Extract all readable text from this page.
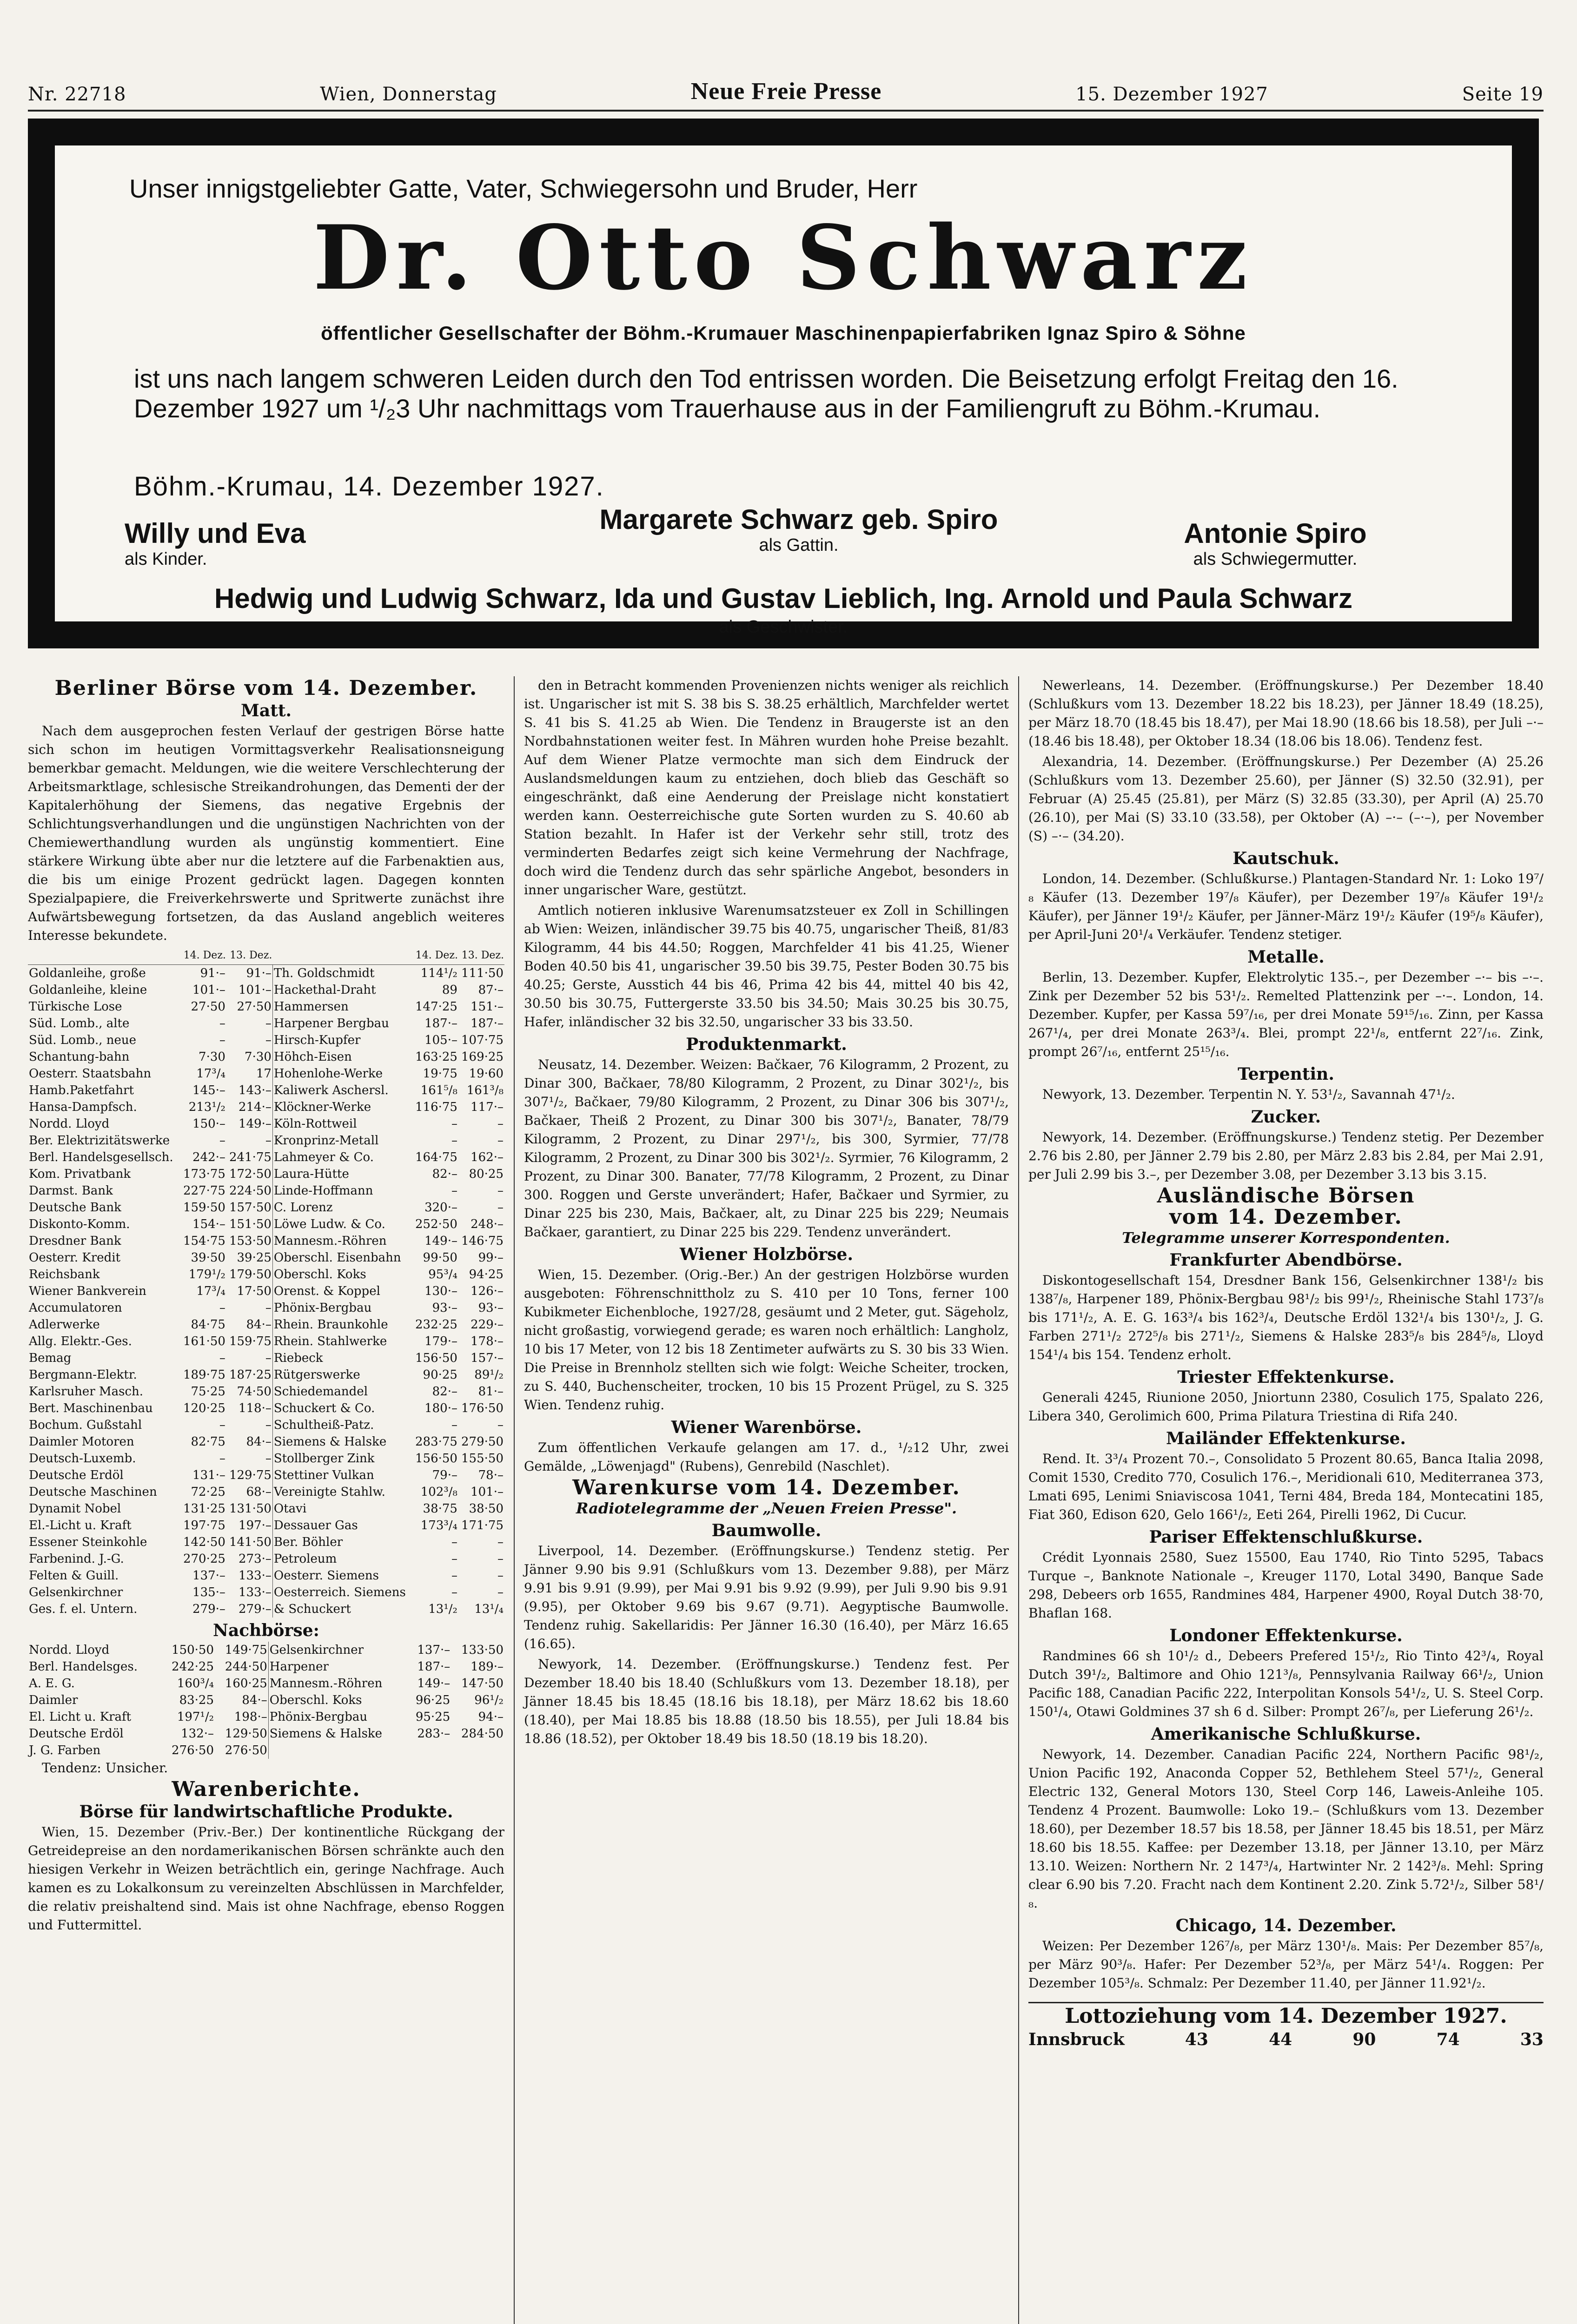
Nr. 22718	Wien, Donnerstag	Neue Freie Presse	15. Dezember 1927	Seite 19
Unser innigstgeliebter Gatte, Vater, Schwiegersohn und Bruder, Herr
Dr. Otto Schwarz
öffentlicher Gesellschafter der Böhm.-Krumauer Maschinenpapierfabriken Ignaz Spiro & Söhne
ist uns nach langem schweren Leiden durch den Tod entrissen worden. Die Beisetzung erfolgt Freitag den 16. Dezember 1927 um ¹/₂3 Uhr nachmittags vom Trauerhause aus in der Familiengruft zu Böhm.-Krumau.
Böhm.-Krumau, 14. Dezember 1927.
Willy und Eva
als Kinder.
Margarete Schwarz geb. Spiro
als Gattin.	Antonie Spiro
als Schwiegermutter.
Hedwig und Ludwig Schwarz, Ida und Gustav Lieblich, Ing. Arnold und Paula Schwarz
als Geschwister.
Berliner Börse vom 14. Dezember.
Matt.

Nach dem ausgeprochen festen Verlauf der gestrigen Börse hatte sich schon im heutigen Vormittagsverkehr Realisationsneigung bemerkbar gemacht. Meldungen, wie die weitere Verschlechterung der Arbeitsmarktlage, schlesische Streikandrohungen, das Dementi der der Kapitalerhöhung der Siemens, das negative Ergebnis der Schlichtungsverhandlungen und die ungünstigen Nachrichten von der Chemiewerthandlung wurden als ungünstig kommentiert. Eine stärkere Wirkung übte aber nur die letztere auf die Farbenaktien aus, die bis um einige Prozent gedrückt lagen. Dagegen konnten Spezialpapiere, die Freiverkehrswerte und Spritwerte zunächst ihre Aufwärtsbewegung fortsetzen, da das Ausland angeblich weiteres Interesse bekundete.

	14. Dez.	13. Dez.		14. Dez.	13. Dez.
Goldanleihe, große	91·–	91·–	Th. Goldschmidt	114¹/₂	111·50
Goldanleihe, kleine	101·–	101·–	Hackethal-Draht	89	87·–
Türkische Lose	27·50	27·50	Hammersen	147·25	151·–
Süd. Lomb., alte	–	–	Harpener Bergbau	187·–	187·–
Süd. Lomb., neue	–	–	Hirsch-Kupfer	105·–	107·75
Schantung-bahn	7·30	7·30	Höhch-Eisen	163·25	169·25
Oesterr. Staatsbahn	17³/₄	17	Hohenlohe-Werke	19·75	19·60
Hamb.Paketfahrt	145·–	143·–	Kaliwerk Aschersl.	161⁵/₈	161³/₈
Hansa-Dampfsch.	213¹/₂	214·–	Klöckner-Werke	116·75	117·–
Nordd. Lloyd	150·–	149·–	Köln-Rottweil	–	–
Ber. Elektrizitätswerke	–	–	Kronprinz-Metall	–	–
Berl. Handelsgesellsch.	242·–	241·75	Lahmeyer & Co.	164·75	162·–
Kom. Privatbank	173·75	172·50	Laura-Hütte	82·–	80·25
Darmst. Bank	227·75	224·50	Linde-Hoffmann	–	–
Deutsche Bank	159·50	157·50	C. Lorenz	320·–	–
Diskonto-Komm.	154·–	151·50	Löwe Ludw. & Co.	252·50	248·–
Dresdner Bank	154·75	153·50	Mannesm.-Röhren	149·–	146·75
Oesterr. Kredit	39·50	39·25	Oberschl. Eisenbahn	99·50	99·–
Reichsbank	179¹/₂	179·50	Oberschl. Koks	95³/₄	94·25
Wiener Bankverein	17³/₄	17·50	Orenst. & Koppel	130·–	126·–
Accumulatoren	–	–	Phönix-Bergbau	93·–	93·–
Adlerwerke	84·75	84·–	Rhein. Braunkohle	232·25	229·–
Allg. Elektr.-Ges.	161·50	159·75	Rhein. Stahlwerke	179·–	178·–
Bemag	–	–	Riebeck	156·50	157·–
Bergmann-Elektr.	189·75	187·25	Rütgerswerke	90·25	89¹/₂
Karlsruher Masch.	75·25	74·50	Schiedemandel	82·–	81·–
Bert. Maschinenbau	120·25	118·–	Schuckert & Co.	180·–	176·50
Bochum. Gußstahl	–	–	Schultheiß-Patz.	–	–
Daimler Motoren	82·75	84·–	Siemens & Halske	283·75	279·50
Deutsch-Luxemb.	–	–	Stollberger Zink	156·50	155·50
Deutsche Erdöl	131·–	129·75	Stettiner Vulkan	79·–	78·–
Deutsche Maschinen	72·25	68·–	Vereinigte Stahlw.	102³/₈	101·–
Dynamit Nobel	131·25	131·50	Otavi	38·75	38·50
El.-Licht u. Kraft	197·75	197·–	Dessauer Gas	173³/₄	171·75
Essener Steinkohle	142·50	141·50	Ber. Böhler	–	–
Farbenind. J.-G.	270·25	273·–	Petroleum	–	–
Felten & Guill.	137·–	133·–	Oesterr. Siemens	–	–
Gelsenkirchner	135·–	133·–	Oesterreich. Siemens	–	–
Ges. f. el. Untern.	279·–	279·–	& Schuckert	13¹/₂	13¹/₄
Nachbörse:
Nordd. Lloyd	150·50	149·75	Gelsenkirchner	137·–	133·50
Berl. Handelsges.	242·25	244·50	Harpener	187·–	189·–
A. E. G.	160³/₄	160·25	Mannesm.-Röhren	149·–	147·50
Daimler	83·25	84·–	Oberschl. Koks	96·25	96¹/₂
El. Licht u. Kraft	197¹/₂	198·–	Phönix-Bergbau	95·25	94·–
Deutsche Erdöl	132·–	129·50	Siemens & Halske	283·–	284·50
J. G. Farben	276·50	276·50			

Tendenz: Unsicher.

Warenberichte.
Börse für landwirtschaftliche Produkte.

Wien, 15. Dezember (Priv.-Ber.) Der kontinentliche Rückgang der Getreidepreise an den nordamerikanischen Börsen schränkte auch den hiesigen Verkehr in Weizen beträchtlich ein, geringe Nachfrage. Auch kamen es zu Lokalkonsum zu vereinzelten Abschlüssen in Marchfelder, die relativ preishaltend sind. Mais ist ohne Nachfrage, ebenso Roggen und Futtermittel.

den in Betracht kommenden Provenienzen nichts weniger als reichlich ist. Ungarischer ist mit S. 38 bis S. 38.25 erhältlich, Marchfelder wertet S. 41 bis S. 41.25 ab Wien. Die Tendenz in Braugerste ist an den Nordbahnstationen weiter fest. In Mähren wurden hohe Preise bezahlt. Auf dem Wiener Platze vermochte man sich dem Eindruck der Auslandsmeldungen kaum zu entziehen, doch blieb das Geschäft so eingeschränkt, daß eine Aenderung der Preislage nicht konstatiert werden kann. Oesterreichische gute Sorten wurden zu S. 40.60 ab Station bezahlt. In Hafer ist der Verkehr sehr still, trotz des verminderten Bedarfes zeigt sich keine Vermehrung der Nachfrage, doch wird die Tendenz durch das sehr spärliche Angebot, besonders in inner ungarischer Ware, gestützt.

Amtlich notieren inklusive Warenumsatzsteuer ex Zoll in Schillingen ab Wien: Weizen, inländischer 39.75 bis 40.75, ungarischer Theiß, 81/83 Kilogramm, 44 bis 44.50; Roggen, Marchfelder 41 bis 41.25, Wiener Boden 40.50 bis 41, ungarischer 39.50 bis 39.75, Pester Boden 30.75 bis 40.25; Gerste, Ausstich 44 bis 46, Prima 42 bis 44, mittel 40 bis 42, 30.50 bis 30.75, Futtergerste 33.50 bis 34.50; Mais 30.25 bis 30.75, Hafer, inländischer 32 bis 32.50, ungarischer 33 bis 33.50.

Produktenmarkt.

Neusatz, 14. Dezember. Weizen: Bačkaer, 76 Kilogramm, 2 Prozent, zu Dinar 300, Bačkaer, 78/80 Kilogramm, 2 Prozent, zu Dinar 302¹/₂, bis 307¹/₂, Bačkaer, 79/80 Kilogramm, 2 Prozent, zu Dinar 306 bis 307¹/₂, Bačkaer, Theiß 2 Prozent, zu Dinar 300 bis 307¹/₂, Banater, 78/79 Kilogramm, 2 Prozent, zu Dinar 297¹/₂, bis 300, Syrmier, 77/78 Kilogramm, 2 Prozent, zu Dinar 300 bis 302¹/₂. Syrmier, 76 Kilogramm, 2 Prozent, zu Dinar 300. Banater, 77/78 Kilogramm, 2 Prozent, zu Dinar 300. Roggen und Gerste unverändert; Hafer, Bačkaer und Syrmier, zu Dinar 225 bis 230, Mais, Bačkaer, alt, zu Dinar 225 bis 229; Neumais Bačkaer, garantiert, zu Dinar 225 bis 229. Tendenz unverändert.

Wiener Holzbörse.

Wien, 15. Dezember. (Orig.-Ber.) An der gestrigen Holzbörse wurden ausgeboten: Föhrenschnittholz zu S. 410 per 10 Tons, ferner 100 Kubikmeter Eichenbloche, 1927/28, gesäumt und 2 Meter, gut. Sägeholz, nicht großastig, vorwiegend gerade; es waren noch erhältlich: Langholz, 10 bis 17 Meter, von 12 bis 18 Zentimeter aufwärts zu S. 30 bis 33 Wien. Die Preise in Brennholz stellten sich wie folgt: Weiche Scheiter, trocken, zu S. 440, Buchenscheiter, trocken, 10 bis 15 Prozent Prügel, zu S. 325 Wien. Tendenz ruhig.

Wiener Warenbörse.

Zum öffentlichen Verkaufe gelangen am 17. d., ¹/₂12 Uhr, zwei Gemälde, „Löwenjagd" (Rubens), Genrebild (Naschlet).

Warenkurse vom 14. Dezember.
Radiotelegramme der „Neuen Freien Presse".
Baumwolle.

Liverpool, 14. Dezember. (Eröffnungskurse.) Tendenz stetig. Per Jänner 9.90 bis 9.91 (Schlußkurs vom 13. Dezember 9.88), per März 9.91 bis 9.91 (9.99), per Mai 9.91 bis 9.92 (9.99), per Juli 9.90 bis 9.91 (9.95), per Oktober 9.69 bis 9.67 (9.71). Aegyptische Baumwolle. Tendenz ruhig. Sakellaridis: Per Jänner 16.30 (16.40), per März 16.65 (16.65).

Newyork, 14. Dezember. (Eröffnungskurse.) Tendenz fest. Per Dezember 18.40 bis 18.40 (Schlußkurs vom 13. Dezember 18.18), per Jänner 18.45 bis 18.45 (18.16 bis 18.18), per März 18.62 bis 18.60 (18.40), per Mai 18.85 bis 18.88 (18.50 bis 18.55), per Juli 18.84 bis 18.86 (18.52), per Oktober 18.49 bis 18.50 (18.19 bis 18.20).

Newerleans, 14. Dezember. (Eröffnungskurse.) Per Dezember 18.40 (Schlußkurs vom 13. Dezember 18.22 bis 18.23), per Jänner 18.49 (18.25), per März 18.70 (18.45 bis 18.47), per Mai 18.90 (18.66 bis 18.58), per Juli –·– (18.46 bis 18.48), per Oktober 18.34 (18.06 bis 18.06). Tendenz fest.

Alexandria, 14. Dezember. (Eröffnungskurse.) Per Dezember (A) 25.26 (Schlußkurs vom 13. Dezember 25.60), per Jänner (S) 32.50 (32.91), per Februar (A) 25.45 (25.81), per März (S) 32.85 (33.30), per April (A) 25.70 (26.10), per Mai (S) 33.10 (33.58), per Oktober (A) –·– (–·–), per November (S) –·– (34.20).

Kautschuk.

London, 14. Dezember. (Schlußkurse.) Plantagen-Standard Nr. 1: Loko 19⁷/₈ Käufer (13. Dezember 19⁷/₈ Käufer), per Dezember 19⁷/₈ Käufer 19¹/₂ Käufer), per Jänner 19¹/₂ Käufer, per Jänner-März 19¹/₂ Käufer (19⁵/₈ Käufer), per April-Juni 20¹/₄ Verkäufer. Tendenz stetiger.

Metalle.

Berlin, 13. Dezember. Kupfer, Elektrolytic 135.–, per Dezember –·– bis –·–. Zink per Dezember 52 bis 53¹/₂. Remelted Plattenzink per –·–. London, 14. Dezember. Kupfer, per Kassa 59⁷/₁₆, per drei Monate 59¹⁵/₁₆. Zinn, per Kassa 267¹/₄, per drei Monate 263³/₄. Blei, prompt 22¹/₈, entfernt 22⁷/₁₆. Zink, prompt 26⁷/₁₆, entfernt 25¹⁵/₁₆.

Terpentin.

Newyork, 13. Dezember. Terpentin N. Y. 53¹/₂, Savannah 47¹/₂.

Zucker.

Newyork, 14. Dezember. (Eröffnungskurse.) Tendenz stetig. Per Dezember 2.76 bis 2.80, per Jänner 2.79 bis 2.80, per März 2.83 bis 2.84, per Mai 2.91, per Juli 2.99 bis 3.–, per Dezember 3.08, per Dezember 3.13 bis 3.15.

Ausländische Börsen
vom 14. Dezember.
Telegramme unserer Korrespondenten.
Frankfurter Abendbörse.

Diskontogesellschaft 154, Dresdner Bank 156, Gelsenkirchner 138¹/₂ bis 138⁷/₈, Harpener 189, Phönix-Bergbau 98¹/₂ bis 99¹/₂, Rheinische Stahl 173⁷/₈ bis 171¹/₂, A. E. G. 163³/₄ bis 162³/₄, Deutsche Erdöl 132¹/₄ bis 130¹/₂, J. G. Farben 271¹/₂ 272⁵/₈ bis 271¹/₂, Siemens & Halske 283⁵/₈ bis 284⁵/₈, Lloyd 154¹/₄ bis 154. Tendenz erholt.

Triester Effektenkurse.

Generali 4245, Riunione 2050, Jniortunn 2380, Cosulich 175, Spalato 226, Libera 340, Gerolimich 600, Prima Pilatura Triestina di Rifa 240.

Mailänder Effektenkurse.

Rend. It. 3³/₄ Prozent 70.–, Consolidato 5 Prozent 80.65, Banca Italia 2098, Comit 1530, Credito 770, Cosulich 176.–, Meridionali 610, Mediterranea 373, Lmati 695, Lenimi Sniaviscosa 1041, Terni 484, Breda 184, Montecatini 185, Fiat 360, Edison 620, Gelo 166¹/₂, Eeti 264, Pirelli 1962, Di Cucur.

Pariser Effektenschlußkurse.

Crédit Lyonnais 2580, Suez 15500, Eau 1740, Rio Tinto 5295, Tabacs Turque –, Banknote Nationale –, Kreuger 1170, Lotal 3490, Banque Sade 298, Debeers orb 1655, Randmines 484, Harpener 4900, Royal Dutch 38·70, Bhaflan 168.

Londoner Effektenkurse.

Randmines 66 sh 10¹/₂ d., Debeers Prefered 15¹/₂, Rio Tinto 42³/₄, Royal Dutch 39¹/₂, Baltimore and Ohio 121³/₈, Pennsylvania Railway 66¹/₂, Union Pacific 188, Canadian Pacific 222, Interpolitan Konsols 54¹/₂, U. S. Steel Corp. 150¹/₄, Otawi Goldmines 37 sh 6 d. Silber: Prompt 26⁷/₈, per Lieferung 26¹/₂.

Amerikanische Schlußkurse.

Newyork, 14. Dezember. Canadian Pacific 224, Northern Pacific 98¹/₂, Union Pacific 192, Anaconda Copper 52, Bethlehem Steel 57¹/₂, General Electric 132, General Motors 130, Steel Corp 146, Laweis-Anleihe 105. Tendenz 4 Prozent. Baumwolle: Loko 19.– (Schlußkurs vom 13. Dezember 18.60), per Dezember 18.57 bis 18.58, per Jänner 18.45 bis 18.51, per März 18.60 bis 18.55. Kaffee: per Dezember 13.18, per Jänner 13.10, per März 13.10. Weizen: Northern Nr. 2 147³/₄, Hartwinter Nr. 2 142³/₈. Mehl: Spring clear 6.90 bis 7.20. Fracht nach dem Kontinent 2.20. Zink 5.72¹/₂, Silber 58¹/₈.

Chicago, 14. Dezember.

Weizen: Per Dezember 126⁷/₈, per März 130¹/₈. Mais: Per Dezember 85⁷/₈, per März 90³/₈. Hafer: Per Dezember 52³/₈, per März 54¹/₄. Roggen: Per Dezember 105³/₈. Schmalz: Per Dezember 11.40, per Jänner 11.92¹/₂.

Lottoziehung vom 14. Dezember 1927.
Innsbruck	43	44	90	74	33
